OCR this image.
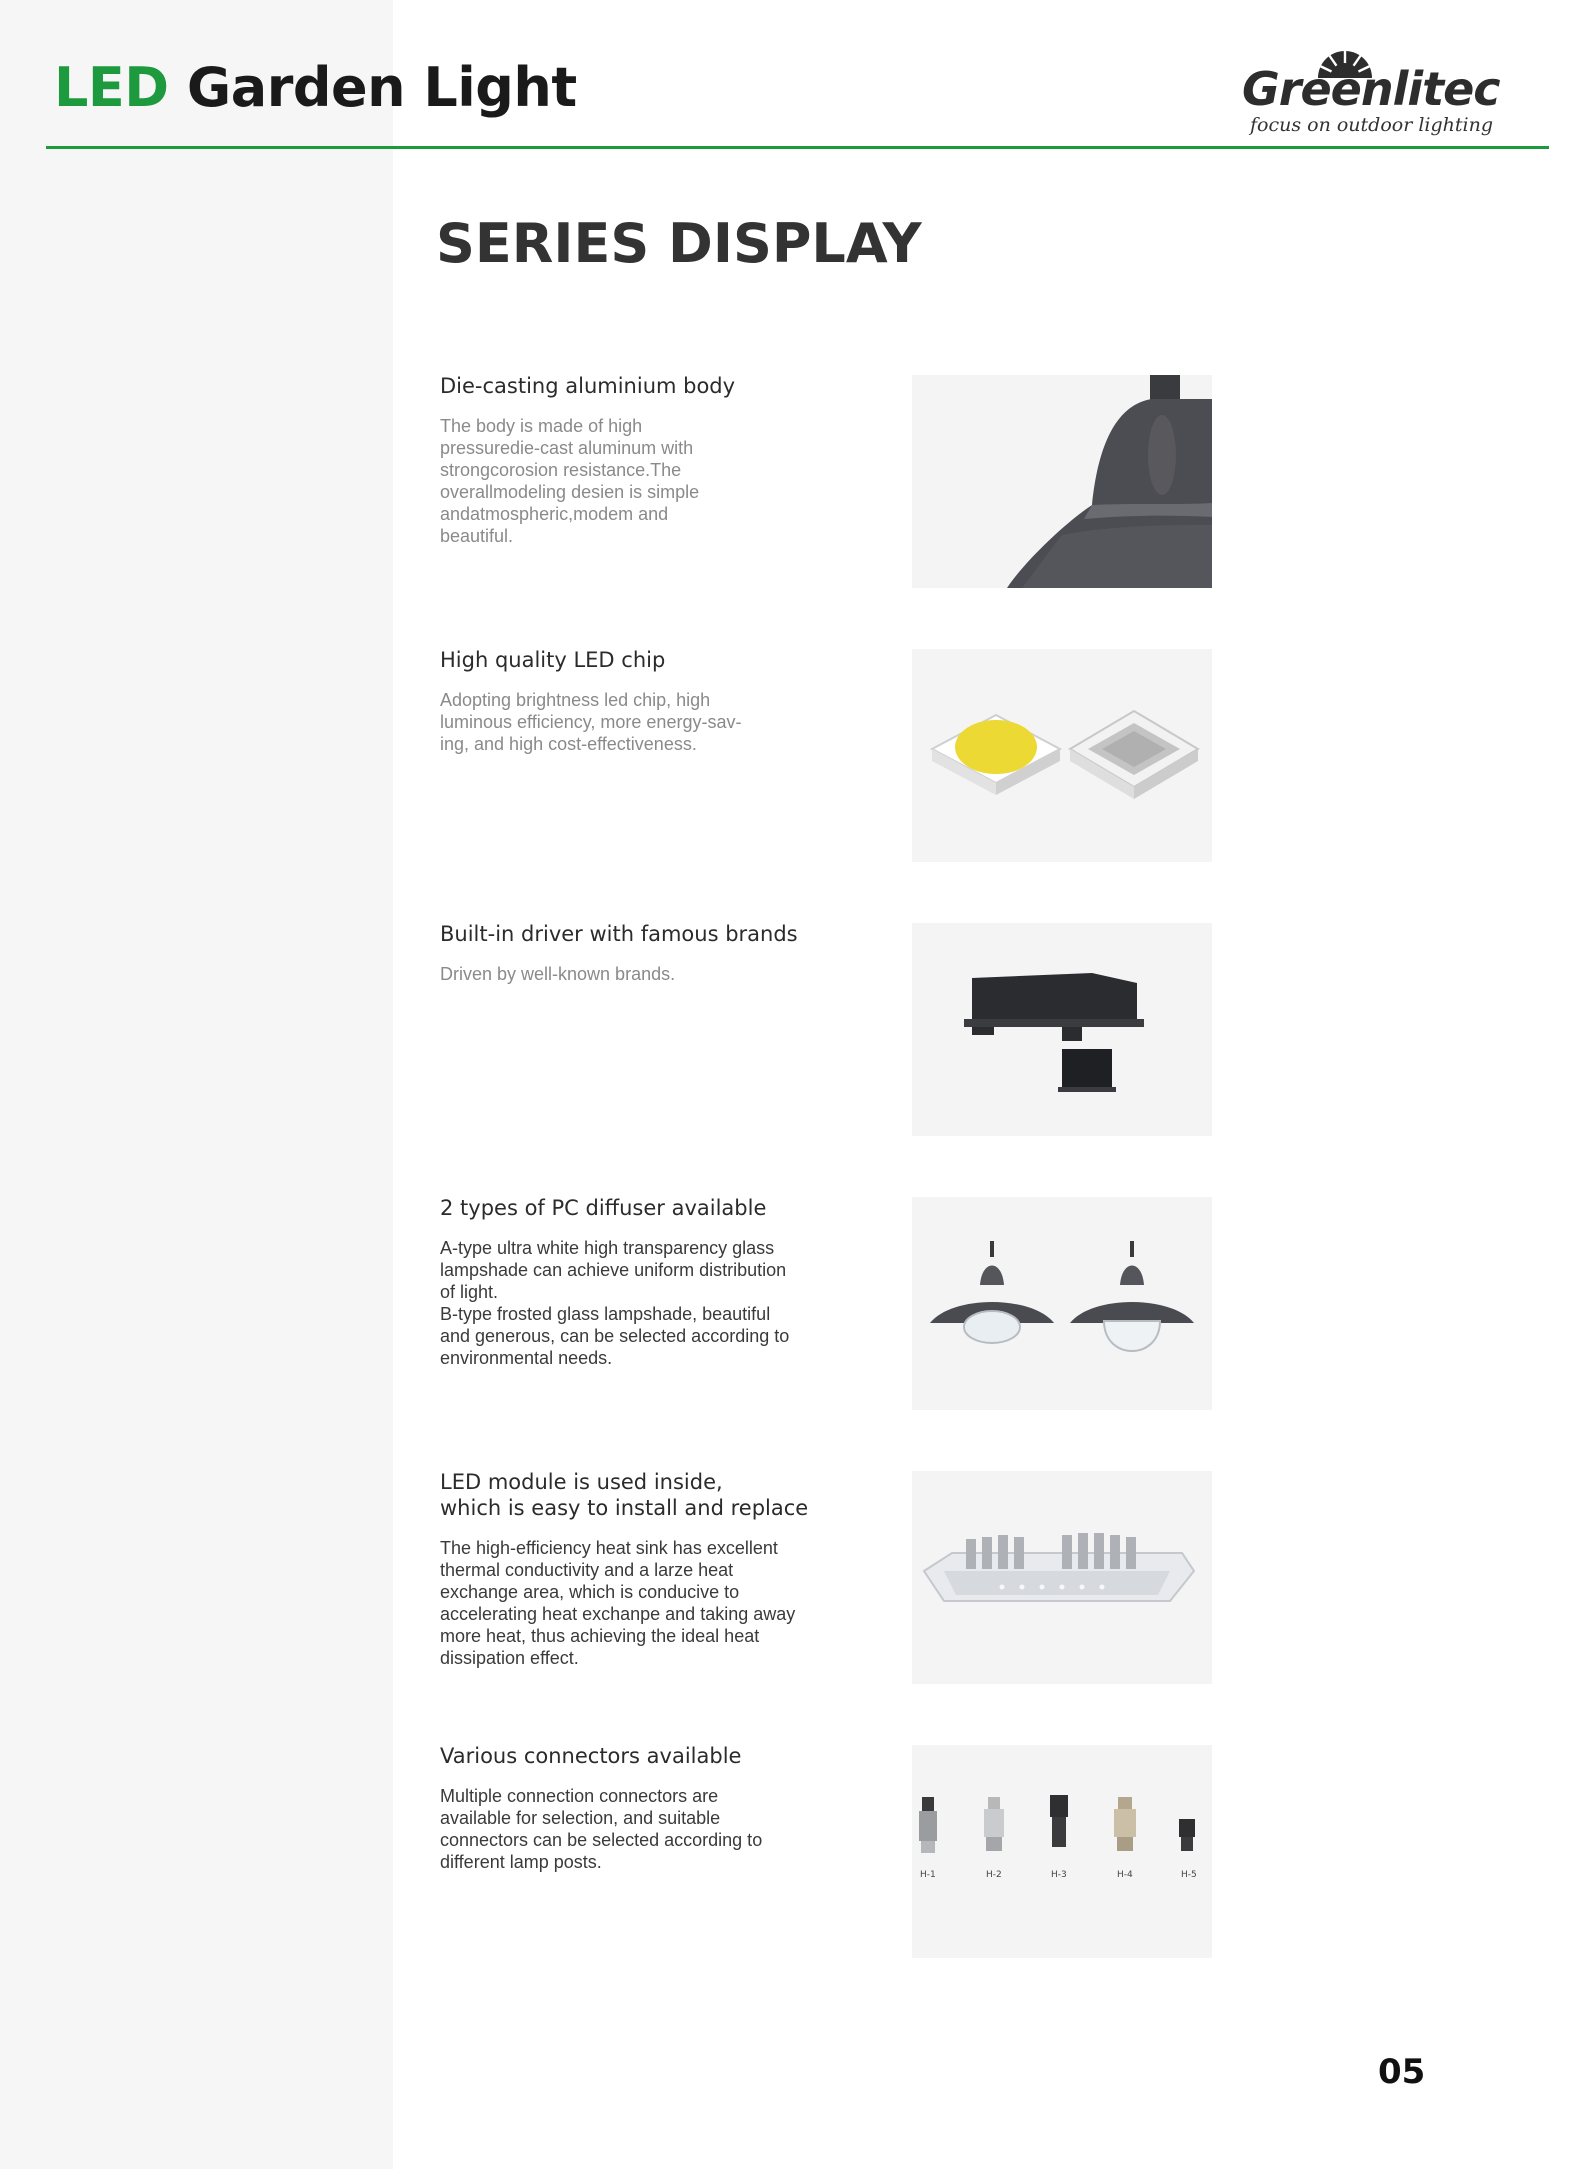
LED Garden Light	Greenlitec
focus on outdoor lighting
SERIES DISPLAY

Die-casting aluminium body

The body is made of high
pressuredie-cast aluminum with
strongcorosion resistance.The
overallmodeling desien is simple
andatmospheric,modem and
beautiful.

High quality LED chip

Adopting brightness led chip, high
luminous efficiency, more energy-sav-
ing, and high cost-effectiveness.

Built-in driver with famous brands

Driven by well-known brands.

2 types of PC diffuser available

A-type ultra white high transparency glass
lampshade can achieve uniform distribution
of light.
B-type frosted glass lampshade, beautiful
and generous, can be selected according to
environmental needs.

LED module is used inside,
which is easy to install and replace

The high-efficiency heat sink has excellent
thermal conductivity and a larze heat
exchange area, which is conducive to
accelerating heat exchanpe and taking away
more heat, thus achieving the ideal heat
dissipation effect.

Various connectors available

Multiple connection connectors are
available for selection, and suitable
connectors can be selected according to
different lamp posts.

H-1	H-2	H-3	H-4	H-5
05
